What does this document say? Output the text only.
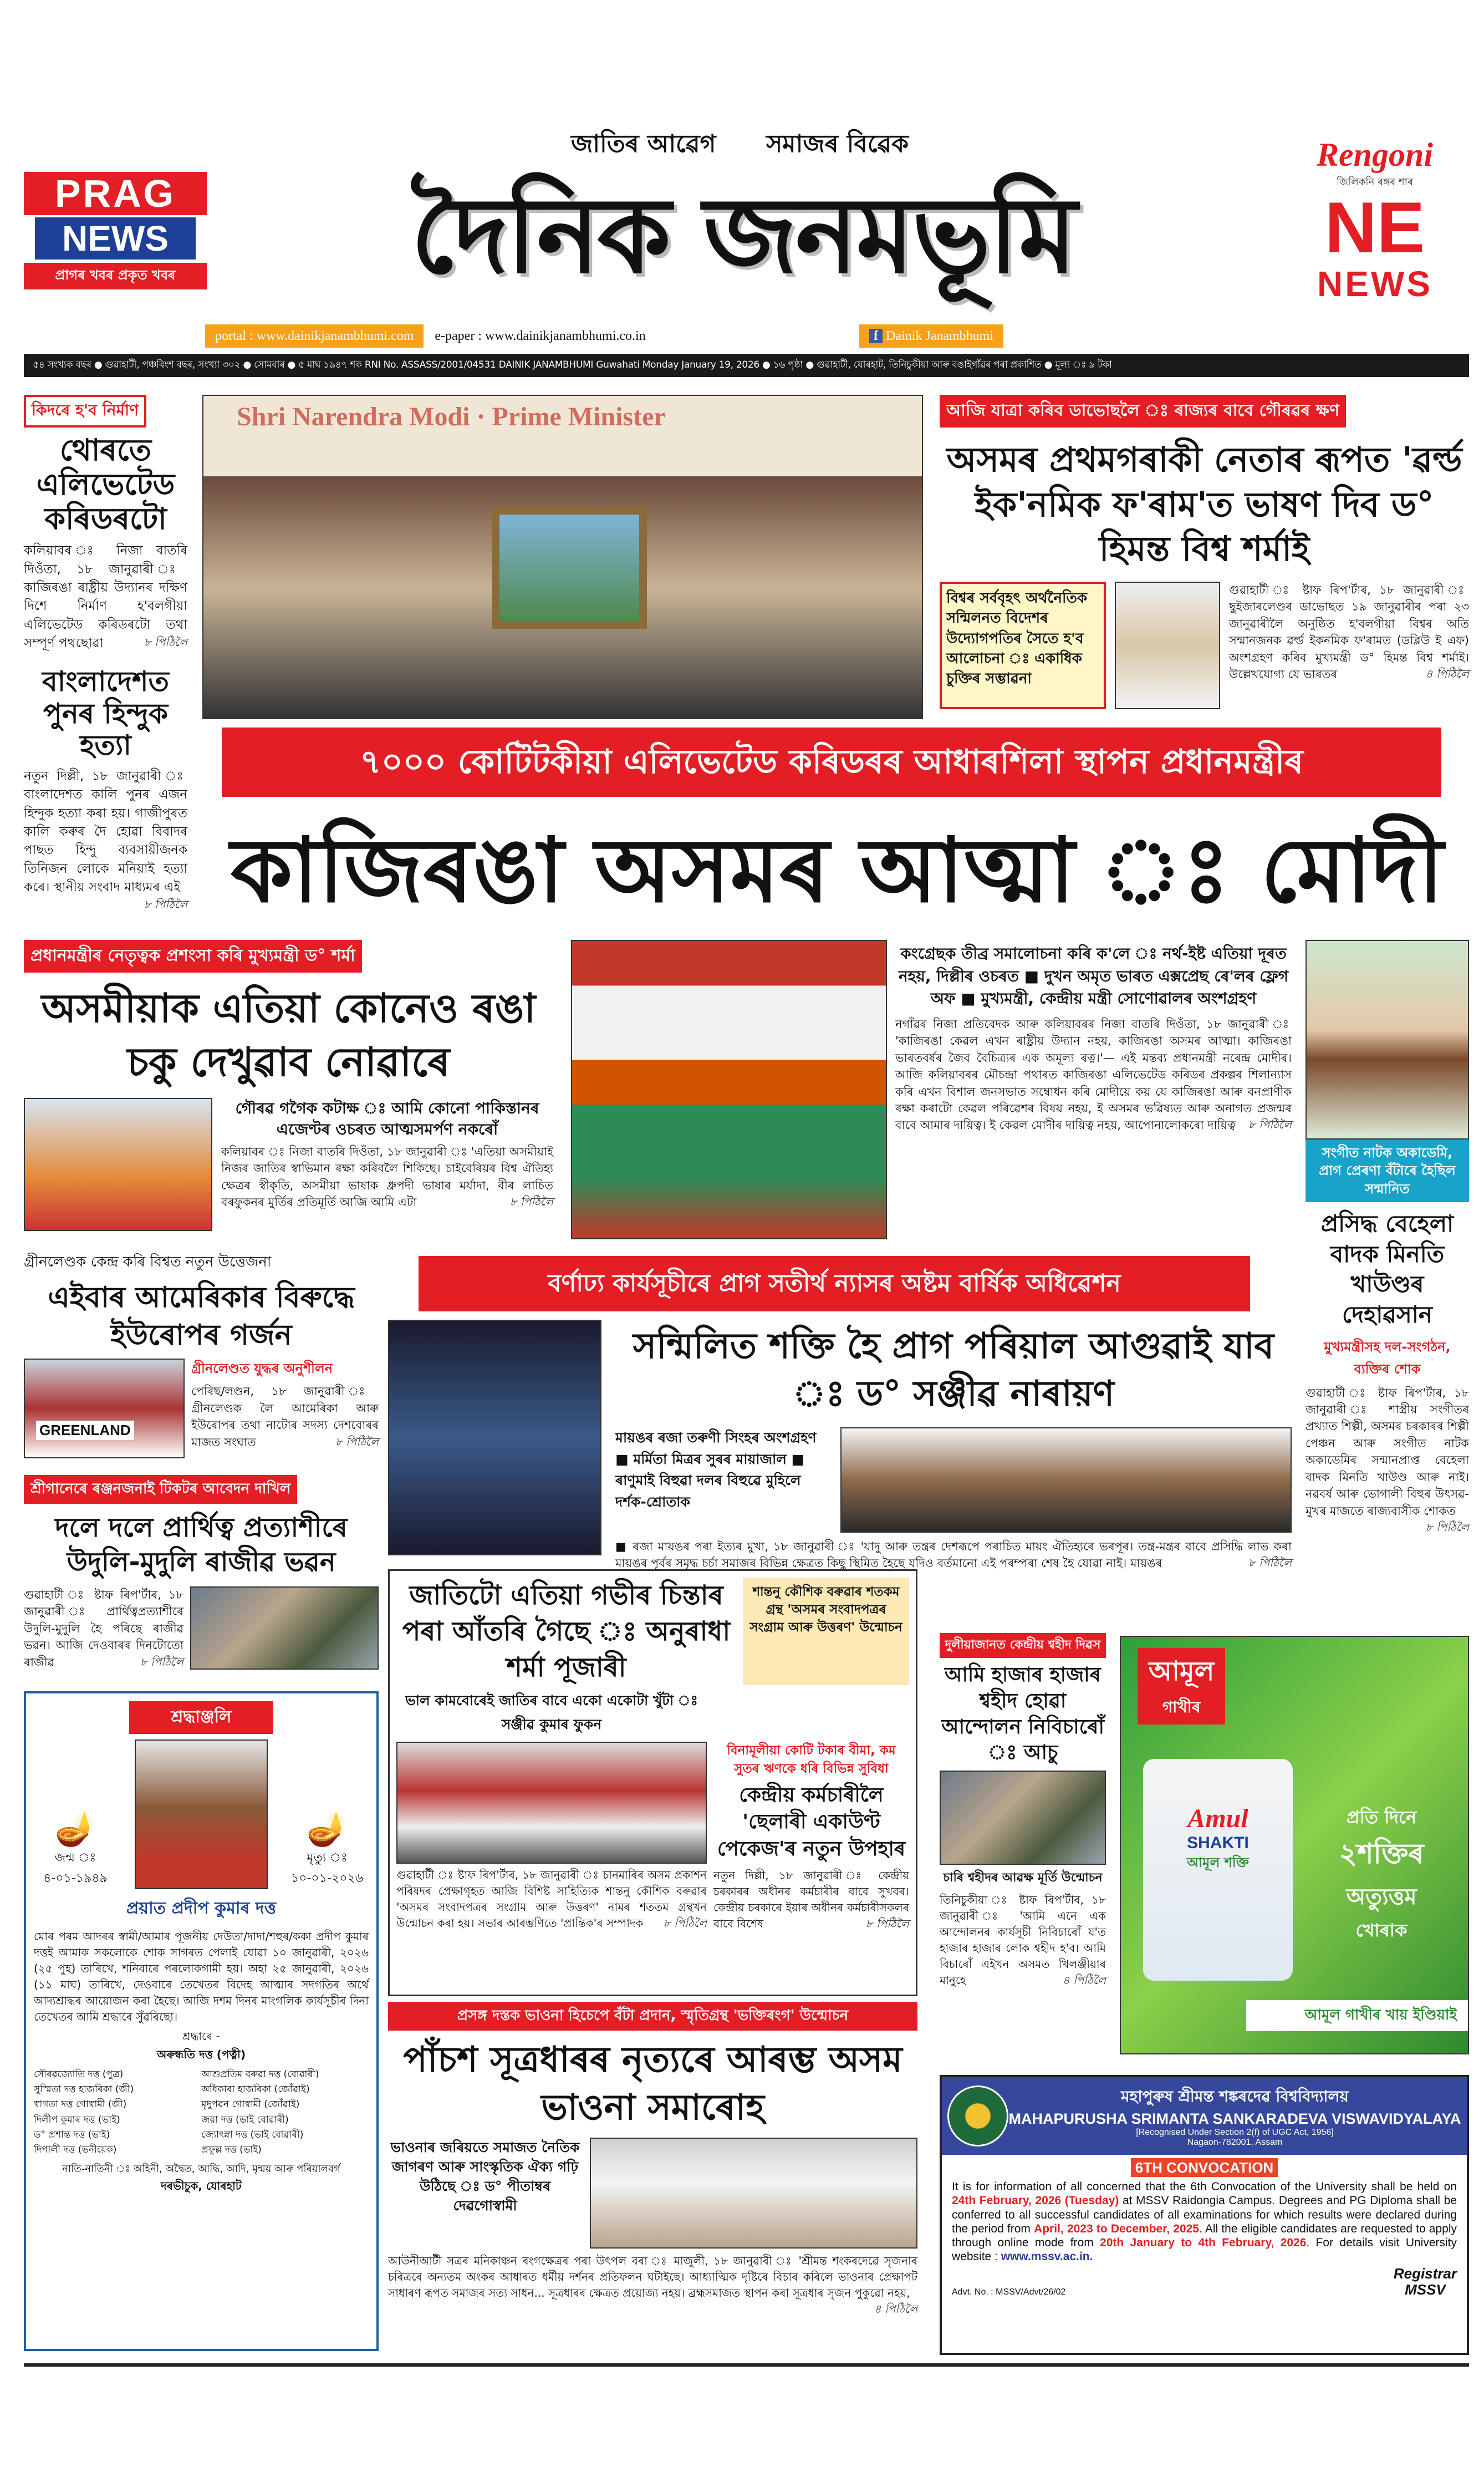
PRAG
NEWS
প্ৰাগৰ খবৰ প্ৰকৃত খবৰ
জাতিৰ আৱেগ সমাজৰ বিৱেক
দৈনিক জনমভূমি
Rengoni
জিলিকনি ৰঙ্গৰ শাৰ
NE
NEWS
portal : www.dainikjanambhumi.com	e-paper : www.dainikjanambhumi.co.in	f Dainik Janambhumi
৫৪ সংখ্যক বছৰ ● গুৱাহাটী, পঞ্চবিংশ বছৰ, সংখ্যা ৩০২ ● সোমবাৰ ● ৫ মাঘ ১৯৪৭ শক RNI No. ASSASS/2001/04531 DAINIK JANAMBHUMI Guwahati Monday January 19, 2026 ● ১৬ পৃষ্ঠা ● গুৱাহাটী, যোৰহাট, তিনিচুকীয়া আৰু বঙাইগাঁৱৰ পৰা প্ৰকাশিত ● মূল্য ঃ ৯ টকা
কিদৰে হ'ব নিৰ্মাণ
থোৰতে এলিভেটেড কৰিডৰটো
কলিয়াবৰ ঃ নিজা বাতৰি দিওঁতা, ১৮ জানুৱাৰী ঃ কাজিৰঙা ৰাষ্ট্ৰীয় উদ্যানৰ দক্ষিণ দিশে নিৰ্মাণ হ'বলগীয়া এলিভেটেড কৰিডৰটো তথা সম্পূৰ্ণ পথছোৱা	৮ পিঠিলৈ
বাংলাদেশত পুনৰ হিন্দুক হত্যা
নতুন দিল্লী, ১৮ জানুৱাৰী ঃ বাংলাদেশত কালি পুনৰ এজন হিন্দুক হত্যা কৰা হয়। গাজীপুৰত কালি কৰুৰ দৈ হোৱা বিবাদৰ পাছত হিন্দু ব্যবসায়ীজনক তিনিজন লোকে মনিয়াই হত্যা কৰে। স্থানীয় সংবাদ মাধ্যমৰ এই
৮ পিঠিলৈ
Shri Narendra Modi · Prime Minister	আজি যাত্ৰা কৰিব ডাভোছলৈ ঃ ৰাজ্যৰ বাবে গৌৰৱৰ ক্ষণ
অসমৰ প্ৰথমগৰাকী নেতাৰ ৰূপত 'ৱৰ্ল্ড ইক'নমিক ফ'ৰাম'ত ভাষণ দিব ড° হিমন্ত বিশ্ব শৰ্মাই
বিশ্বৰ সৰ্ববৃহৎ অৰ্থনৈতিক সন্মিলনত বিদেশৰ উদ্যোগপতিৰ সৈতে হ'ব আলোচনা ঃ একাধিক চুক্তিৰ সম্ভাৱনা
গুৱাহাটী ঃ ষ্টাফ ৰিপ'ৰ্টাৰ, ১৮ জানুৱাৰী ঃ ছুইজাৰলেণ্ডৰ ডাভোছত ১৯ জানুৱাৰীৰ পৰা ২৩ জানুৱাৰীলৈ অনুষ্ঠিত হ'বলগীয়া বিশ্বৰ অতি সন্মানজনক ৱৰ্ল্ড ইকনমিক ফ'ৰামত (ডব্লিউ ই এফ) অংশগ্ৰহণ কৰিব মুখ্যমন্ত্ৰী ড° হিমন্ত বিশ্ব শৰ্মাই। উল্লেখযোগ্য যে ভাৰতৰ	৪ পিঠিলৈ
৭০০০ কোটিটকীয়া এলিভেটেড কৰিডৰৰ আধাৰশিলা স্থাপন প্ৰধানমন্ত্ৰীৰ
কাজিৰঙা অসমৰ আত্মা ঃ মোদী
প্ৰধানমন্ত্ৰীৰ নেতৃত্বক প্ৰশংসা কৰি মুখ্যমন্ত্ৰী ড° শৰ্মা
অসমীয়াক এতিয়া কোনেও ৰঙা চকু দেখুৱাব নোৱাৰে
গৌৰৱ গগৈক কটাক্ষ ঃ আমি কোনো পাকিস্তানৰ এজেণ্টৰ ওচৰত আত্মসমৰ্পণ নকৰোঁ
কলিয়াবৰ ঃ নিজা বাতৰি দিওঁতা, ১৮ জানুৱাৰী ঃ 'এতিয়া অসমীয়াই নিজৰ জাতিৰ স্বাভিমান ৰক্ষা কৰিবলৈ শিকিছে। চাইবেৰিয়ৰ বিশ্ব ঐতিহ্য ক্ষেত্ৰৰ স্বীকৃতি, অসমীয়া ভাষাক ধ্ৰুপদী ভাষাৰ মৰ্যাদা, বীৰ লাচিত বৰফুকনৰ মুৰ্তিৰ প্ৰতিমূৰ্তি আজি আমি এটা	৮ পিঠিলৈ
কংগ্ৰেছক তীব্ৰ সমালোচনা কৰি ক'লে ঃ নৰ্থ-ইষ্ট এতিয়া দূৰত নহয়, দিল্লীৰ ওচৰত ■ দুখন অমৃত ভাৰত এক্সপ্ৰেছ ৰে'লৰ ফ্লেগ অফ ■ মুখ্যমন্ত্ৰী, কেন্দ্ৰীয় মন্ত্ৰী সোণোৱালৰ অংশগ্ৰহণ
নগাঁৱৰ নিজা প্ৰতিবেদক আৰু কলিয়াবৰৰ নিজা বাতৰি দিওঁতা, ১৮ জানুৱাৰী ঃ 'কাজিৰঙা কেৱল এখন ৰাষ্ট্ৰীয় উদ্যান নহয়, কাজিৰঙা অসমৰ আত্মা। কাজিৰঙা ভাৰতবৰ্ষৰ জৈব বৈচিত্ৰ্যৰ এক অমূল্য ৰত্ন।'— এই মন্তব্য প্ৰধানমন্ত্ৰী নৰেন্দ্ৰ মোদীৰ। আজি কলিয়াবৰৰ মৌচন্দ্ৰা পথাৰত কাজিৰঙা এলিভেটেড কৰিডৰ প্ৰকল্পৰ শিলান্যাস কৰি এখন বিশাল জনসভাত সম্বোধন কৰি মোদীয়ে কয় যে কাজিৰঙা আৰু বনপ্ৰাণীক ৰক্ষা কৰাটো কেৱল পৰিৱেশৰ বিষয় নহয়, ই অসমৰ ভৱিষ্যত আৰু অনাগত প্ৰজন্মৰ বাবে আমাৰ দায়িত্ব। ই কেৱল মোদীৰ দায়িত্ব নহয়, আপোনালোকৰো দায়িত্ব ৮ পিঠিলৈ
সংগীত নাটক অকাডেমি, প্ৰাগ প্ৰেৰণা বঁটাৰে হৈছিল সন্মানিত
প্ৰসিদ্ধ বেহেলা বাদক মিনতি খাউণ্ডৰ দেহাৱসান
মুখ্যমন্ত্ৰীসহ দল-সংগঠন, ব্যক্তিৰ শোক
গুৱাহাটী ঃ ষ্টাফ ৰিপ'ৰ্টাৰ, ১৮ জানুৱাৰী ঃ শাস্ত্ৰীয় সংগীতৰ প্ৰখ্যাত শিল্পী, অসমৰ চৰকাৰৰ শিল্পী পেঞ্চন আৰু সংগীত নাটক অকাডেমিৰ সন্মানপ্ৰাপ্ত বেহেলা বাদক মিনতি খাউণ্ড আৰু নাই। নৱবৰ্ষ আৰু ভোগালী বিহুৰ উৎসৱ-মুখৰ মাজতে ৰাজ্যবাসীক শোকত
৮ পিঠিলৈ
গ্ৰীনলেণ্ডক কেন্দ্ৰ কৰি বিশ্বত নতুন উত্তেজনা
এইবাৰ আমেৰিকাৰ বিৰুদ্ধে ইউৰোপৰ গৰ্জন
GREENLAND
গ্ৰীনলেণ্ডত যুদ্ধৰ অনুশীলন
পেৰিছ/লণ্ডন, ১৮ জানুৱাৰী ঃ গ্ৰীনলেণ্ডক লৈ আমেৰিকা আৰু ইউৰোপৰ তথা নাটোৰ সদস্য দেশবোৰৰ মাজত সংঘাত	৮ পিঠিলৈ
শ্ৰীগানেৰে ৰঞ্জনজনাই টিকটৰ আবেদন দাখিল
দলে দলে প্ৰাৰ্থিত্ব প্ৰত্যাশীৰে উদুলি-মুদুলি ৰাজীৱ ভৱন
গুৱাহাটী ঃ ষ্টাফ ৰিপ'ৰ্টাৰ, ১৮ জানুৱাৰী ঃ প্ৰাৰ্থিত্বপ্ৰত্যাশীৰে উদুলি-মুদুলি হৈ পৰিছে ৰাজীৱ ভৱন। আজি দেওবাৰৰ দিনটোতো ৰাজীৱ	৮ পিঠিলৈ
বৰ্ণাঢ্য কাৰ্যসূচীৰে প্ৰাগ সতীৰ্থ ন্যাসৰ অষ্টম বাৰ্ষিক অধিৱেশন
সন্মিলিত শক্তি হৈ প্ৰাগ পৰিয়াল আগুৱাই যাব ঃ ড° সঞ্জীৱ নাৰায়ণ
মায়ঙৰ ৰজা তৰুণী সিংহৰ অংশগ্ৰহণ ■ মৰ্মিতা মিত্ৰৰ সুৰৰ মায়াজাল ■ ৰাণুমাই বিহুৱা দলৰ বিহুৱে মুহিলে দৰ্শক-শ্ৰোতাক
■ ৰজা মায়ঙৰ পৰা ইত্যৰ মুখা, ১৮ জানুৱাৰী ঃ 'যাদু আৰু তন্ত্ৰৰ দেশৰূপে পৰাচিত মায়ং ঐতিহ্যৰে ভৰপূৰ। তন্ত্ৰ-মন্ত্ৰৰ বাবে প্ৰসিদ্ধি লাভ কৰা মায়ঙৰ পূৰ্বৰ সমৃদ্ধ চৰ্চা সমাজৰ বিভিন্ন ক্ষেত্ৰত কিছু স্থিমিত হৈছে যদিও বৰ্তমানো এই পৰম্পৰা শেষ হৈ যোৱা নাই। মায়ঙৰ	৮ পিঠিলৈ
শ্ৰদ্ধাঞ্জলি
🪔
জন্ম ঃ
৪-০১-১৯৪৯
🪔
মৃত্যু ঃ
১০-০১-২০২৬
প্ৰয়াত প্ৰদীপ কুমাৰ দত্ত
মোৰ পৰম আদৰৰ স্বামী/আমাৰ পূজনীয় দেউতা/দাদা/শহুৰ/ককা প্ৰদীপ কুমাৰ দত্তই আমাক সকলোকে শোক সাগৰত পেলাই যোৱা ১০ জানুৱাৰী, ২০২৬ (২৫ পুহ) তাৰিখে, শনিবাৰে পৰলোকগামী হয়। অহা ২৫ জানুৱাৰী, ২০২৬ (১১ মাঘ) তাৰিখে, দেওবাৰে তেখেতৰ বিদেহ আত্মাৰ সদগতিৰ অৰ্থে আদ্যশ্ৰাদ্ধৰ আয়োজন কৰা হৈছে। আজি দশম দিনৰ মাংগলিক কাৰ্যসূচীৰ দিনা তেখেতৰ আমি শ্ৰদ্ধাৰে সুঁৱৰিছো।
শ্ৰদ্ধাৰে -
অৰুন্ধতি দত্ত (পত্নী)
সৌৰৱজ্যোতি দত্ত (পুত্ৰ)	আশুপ্ৰতিম বৰুৱা দত্ত (বোৱাৰী)
সুস্মিতা দত্ত হাজৰিকা (জী)	অধিকাৰা হাজৰিকা (জোঁৱাই)
স্বাগতা দত্ত গোস্বামী (জী)	মৃদুপৱন গোস্বামী (জোঁৱাই)
দিলীপ কুমাৰ দত্ত (ভাই)	জয়া দত্ত (ভাই বোৱাৰী)
ড° প্ৰশান্ত দত্ত (ভাই)	জ্যোৎস্না দত্ত (ভাই বোৱাৰী)
দিপালী দত্ত (ভনীয়েক)	প্ৰফুল্ল দত্ত (ভাই)
নাতি-নাতিনী ঃ অহিনী, অদ্বৈত, আদ্ধি, আদি, মৃন্ময় আৰু পৰিয়ালবৰ্গ
দৰভীচুক, যোৰহাট
জাতিটো এতিয়া গভীৰ চিন্তাৰ পৰা আঁতৰি গৈছে ঃ অনুৰাধা শৰ্মা পূজাৰী
শান্তনু কৌশিক বৰুৱাৰ শতকম গ্ৰন্থ 'অসমৰ সংবাদপত্ৰৰ সংগ্ৰাম আৰু উত্তৰণ' উন্মোচন
ভাল কামবোৰেই জাতিৰ বাবে একো একোটা খুঁটা ঃ সঞ্জীৱ কুমাৰ ফুকন
গুৱাহাটী ঃ ষ্টাফ ৰিপ'ৰ্টাৰ, ১৮ জানুৱাৰী ঃ চানমাৰিৰ অসম প্ৰকাশন পৰিষদৰ প্ৰেক্ষাগৃহত আজি বিশিষ্ট সাহিত্যিক শান্তনু কৌশিক বৰুৱাৰ 'অসমৰ সংবাদপত্ৰৰ সংগ্ৰাম আৰু উত্তৰণ' নামৰ শততম গ্ৰন্থখন উন্মোচন কৰা হয়। সভাৰ আৰম্ভণিতে 'প্ৰান্তিক'ৰ সম্পাদক ৮ পিঠিলৈ
বিনামূলীয়া কোটি টকাৰ বীমা, কম সুতৰ ঋণকে ধৰি বিভিন্ন সুবিধা
কেন্দ্ৰীয় কৰ্মচাৰীলৈ 'ছেলাৰী একাউণ্ট পেকেজ'ৰ নতুন উপহাৰ
নতুন দিল্লী, ১৮ জানুৱাৰী ঃ কেন্দ্ৰীয় চৰকাৰৰ অধীনৰ কৰ্মচাৰীৰ বাবে সুখবৰ। কেন্দ্ৰীয় চৰকাৰে ইয়াৰ অধীনৰ কৰ্মচাৰীসকলৰ বাবে বিশেষ	৮ পিঠিলৈ
দুলীয়াজানত কেন্দ্ৰীয় শ্বহীদ দিৱস
আমি হাজাৰ হাজাৰ শ্বহীদ হোৱা আন্দোলন নিবিচাৰোঁ ঃ আচু
চাৰি শ্বহীদৰ আৱক্ষ মূৰ্তি উন্মোচন
তিনিচুকীয়া ঃ ষ্টাফ ৰিপ'ৰ্টাৰ, ১৮ জানুৱাৰী ঃ 'আমি এনে এক আন্দোলনৰ কাৰ্যসূচী নিবিচাৰোঁ য'ত হাজাৰ হাজাৰ লোক শ্বহীদ হ'ব। আমি বিচাৰোঁ এইখন অসমত খিলঞ্জীয়াৰ মানুহে	৪ পিঠিলৈ
আমূল
গাখীৰ
Amul
SHAKTI
আমূল শক্তি
প্ৰতি দিনে
২শক্তিৰ
অত্যুত্তম
খোৰাক
আমূল গাখীৰ খায় ইণ্ডিয়াই
প্ৰসঙ্গ দস্তক ভাওনা হিচেপে বঁটা প্ৰদান, স্মৃতিগ্ৰন্থ 'ভক্তিৰংগ' উন্মোচন
পাঁচশ সূত্ৰধাৰৰ নৃত্যৰে আৰম্ভ অসম ভাওনা সমাৰোহ
ভাওনাৰ জৰিয়তে সমাজত নৈতিক জাগৰণ আৰু সাংস্কৃতিক ঐক্য গঢ়ি উঠিছে ঃ ড° পীতাম্বৰ দেৱগোস্বামী
আউনীআটী সত্ৰৰ মনিকাঞ্চন ৰংগক্ষেত্ৰৰ পৰা উৎপল বৰা ঃ মাজুলী, ১৮ জানুৱাৰী ঃ 'শ্ৰীমন্ত শংকৰদেৱে সৃজনাৰ চৰিত্ৰৰে অন্যতম অংকৰ আধাৰত ধৰ্মীয় দৰ্শনৰ প্ৰতিফলন ঘটাইছে। আধ্যাত্মিক দৃষ্টিৰে বিচাৰ কৰিলে ভাওনাৰ প্ৰেক্ষাপট সাধাৰণ ৰূপত সমাজৰ সত্য সাধন... সূত্ৰধাৰৰ ক্ষেত্ৰত প্ৰয়োজ্য নহয়। ব্ৰহ্মসমাজত স্থাপন কৰা সূত্ৰধাৰ সৃজন পুকুৱো নহয়,
৪ পিঠিলৈ
মহাপুৰুষ শ্ৰীমন্ত শঙ্কৰদেৱ বিশ্ববিদ্যালয়
MAHAPURUSHA SRIMANTA SANKARADEVA VISWAVIDYALAYA
[Recognised Under Section 2(f) of UGC Act, 1956]
Nagaon-782001, Assam
6TH CONVOCATION
It is for information of all concerned that the 6th Convocation of the University shall be held on 24th February, 2026 (Tuesday) at MSSV Raidongia Campus. Degrees and PG Diploma shall be conferred to all successful candidates of all examinations for which results were declared during the period from April, 2023 to December, 2025. All the eligible candidates are requested to apply through online mode from 20th January to 4th February, 2026. For details visit University website : www.mssv.ac.in.
Advt. No. : MSSV/Advt/26/02
Registrar
MSSV
